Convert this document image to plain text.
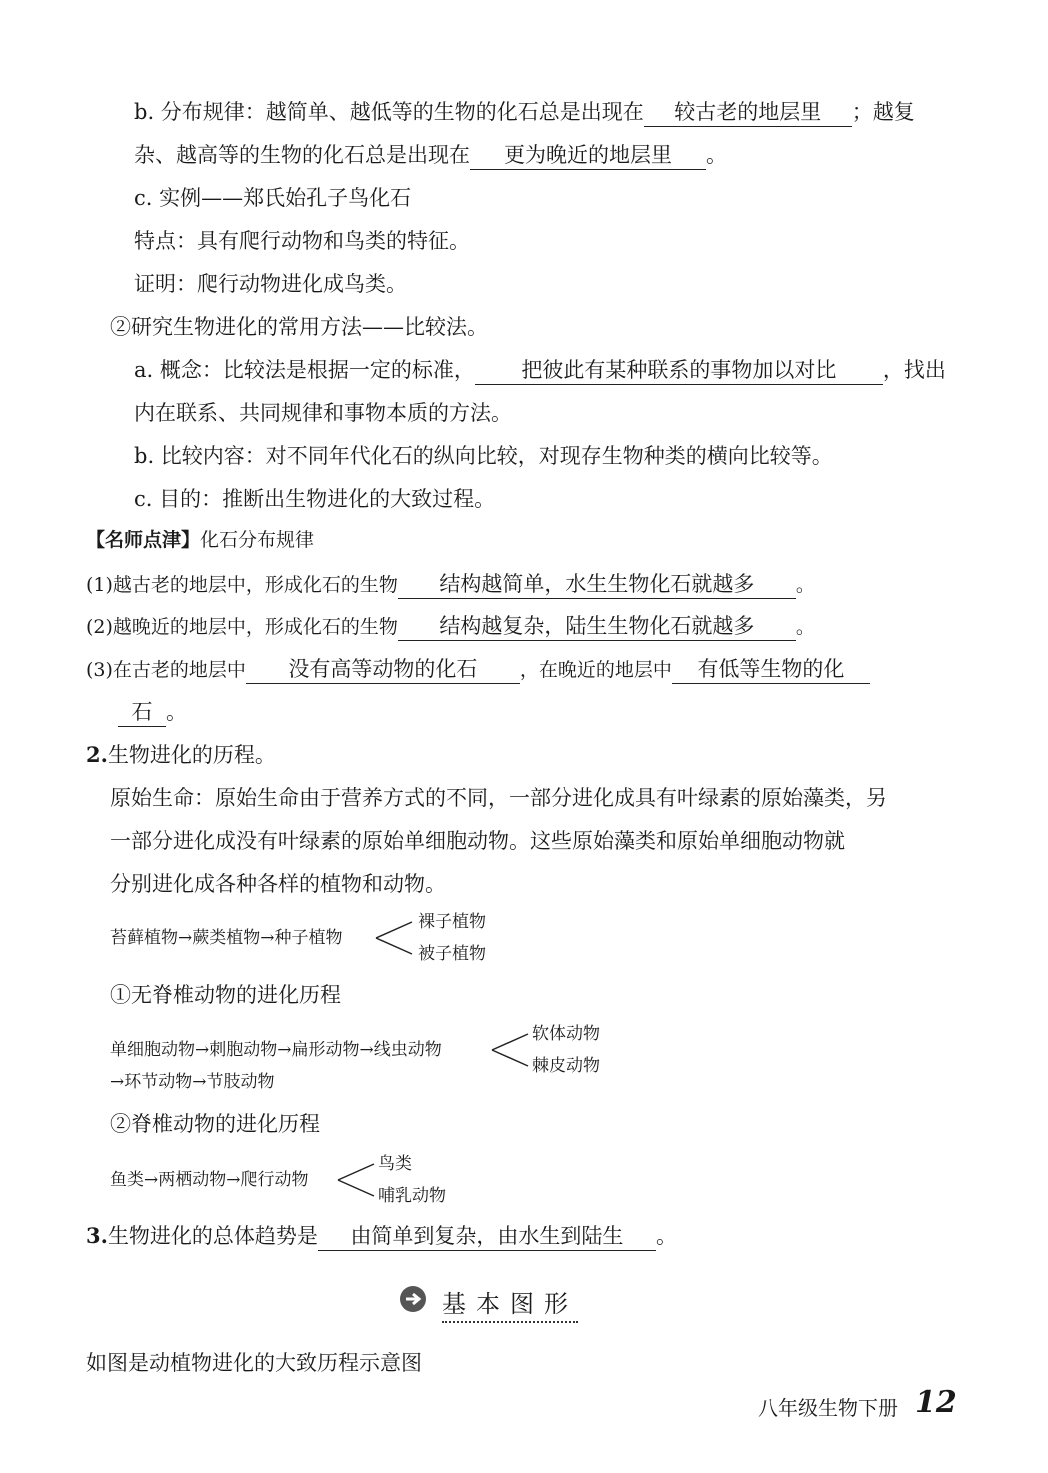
b. 分布规律：越简单、越低等的生物的化石总是出现在 较古老的地层里 ；越复
杂、越高等的生物的化石总是出现在 更为晚近的地层里 。
c. 实例——郑氏始孔子鸟化石
特点：具有爬行动物和鸟类的特征。
证明：爬行动物进化成鸟类。
②研究生物进化的常用方法——比较法。
a. 概念：比较法是根据一定的标准， 把彼此有某种联系的事物加以对比 ，找出
内在联系、共同规律和事物本质的方法。
b. 比较内容：对不同年代化石的纵向比较，对现存生物种类的横向比较等。
c. 目的：推断出生物进化的大致过程。
【名师点津】化石分布规律
(1)越古老的地层中，形成化石的生物 结构越简单，水生生物化石就越多 。
(2)越晚近的地层中，形成化石的生物 结构越复杂，陆生生物化石就越多 。
(3)在古老的地层中 没有高等动物的化石 ，在晚近的地层中 有低等生物的化
石 。
2.生物进化的历程。
原始生命：原始生命由于营养方式的不同，一部分进化成具有叶绿素的原始藻类，另
一部分进化成没有叶绿素的原始单细胞动物。这些原始藻类和原始单细胞动物就
分别进化成各种各样的植物和动物。
苔藓植物→蕨类植物→种子植物
裸子植物
被子植物
①无脊椎动物的进化历程
单细胞动物→刺胞动物→扁形动物→线虫动物
软体动物
棘皮动物
→环节动物→节肢动物
②脊椎动物的进化历程
鱼类→两栖动物→爬行动物
鸟类
哺乳动物
3.生物进化的总体趋势是 由简单到复杂，由水生到陆生 。
基本图形
如图是动植物进化的大致历程示意图
八年级生物下册 12
